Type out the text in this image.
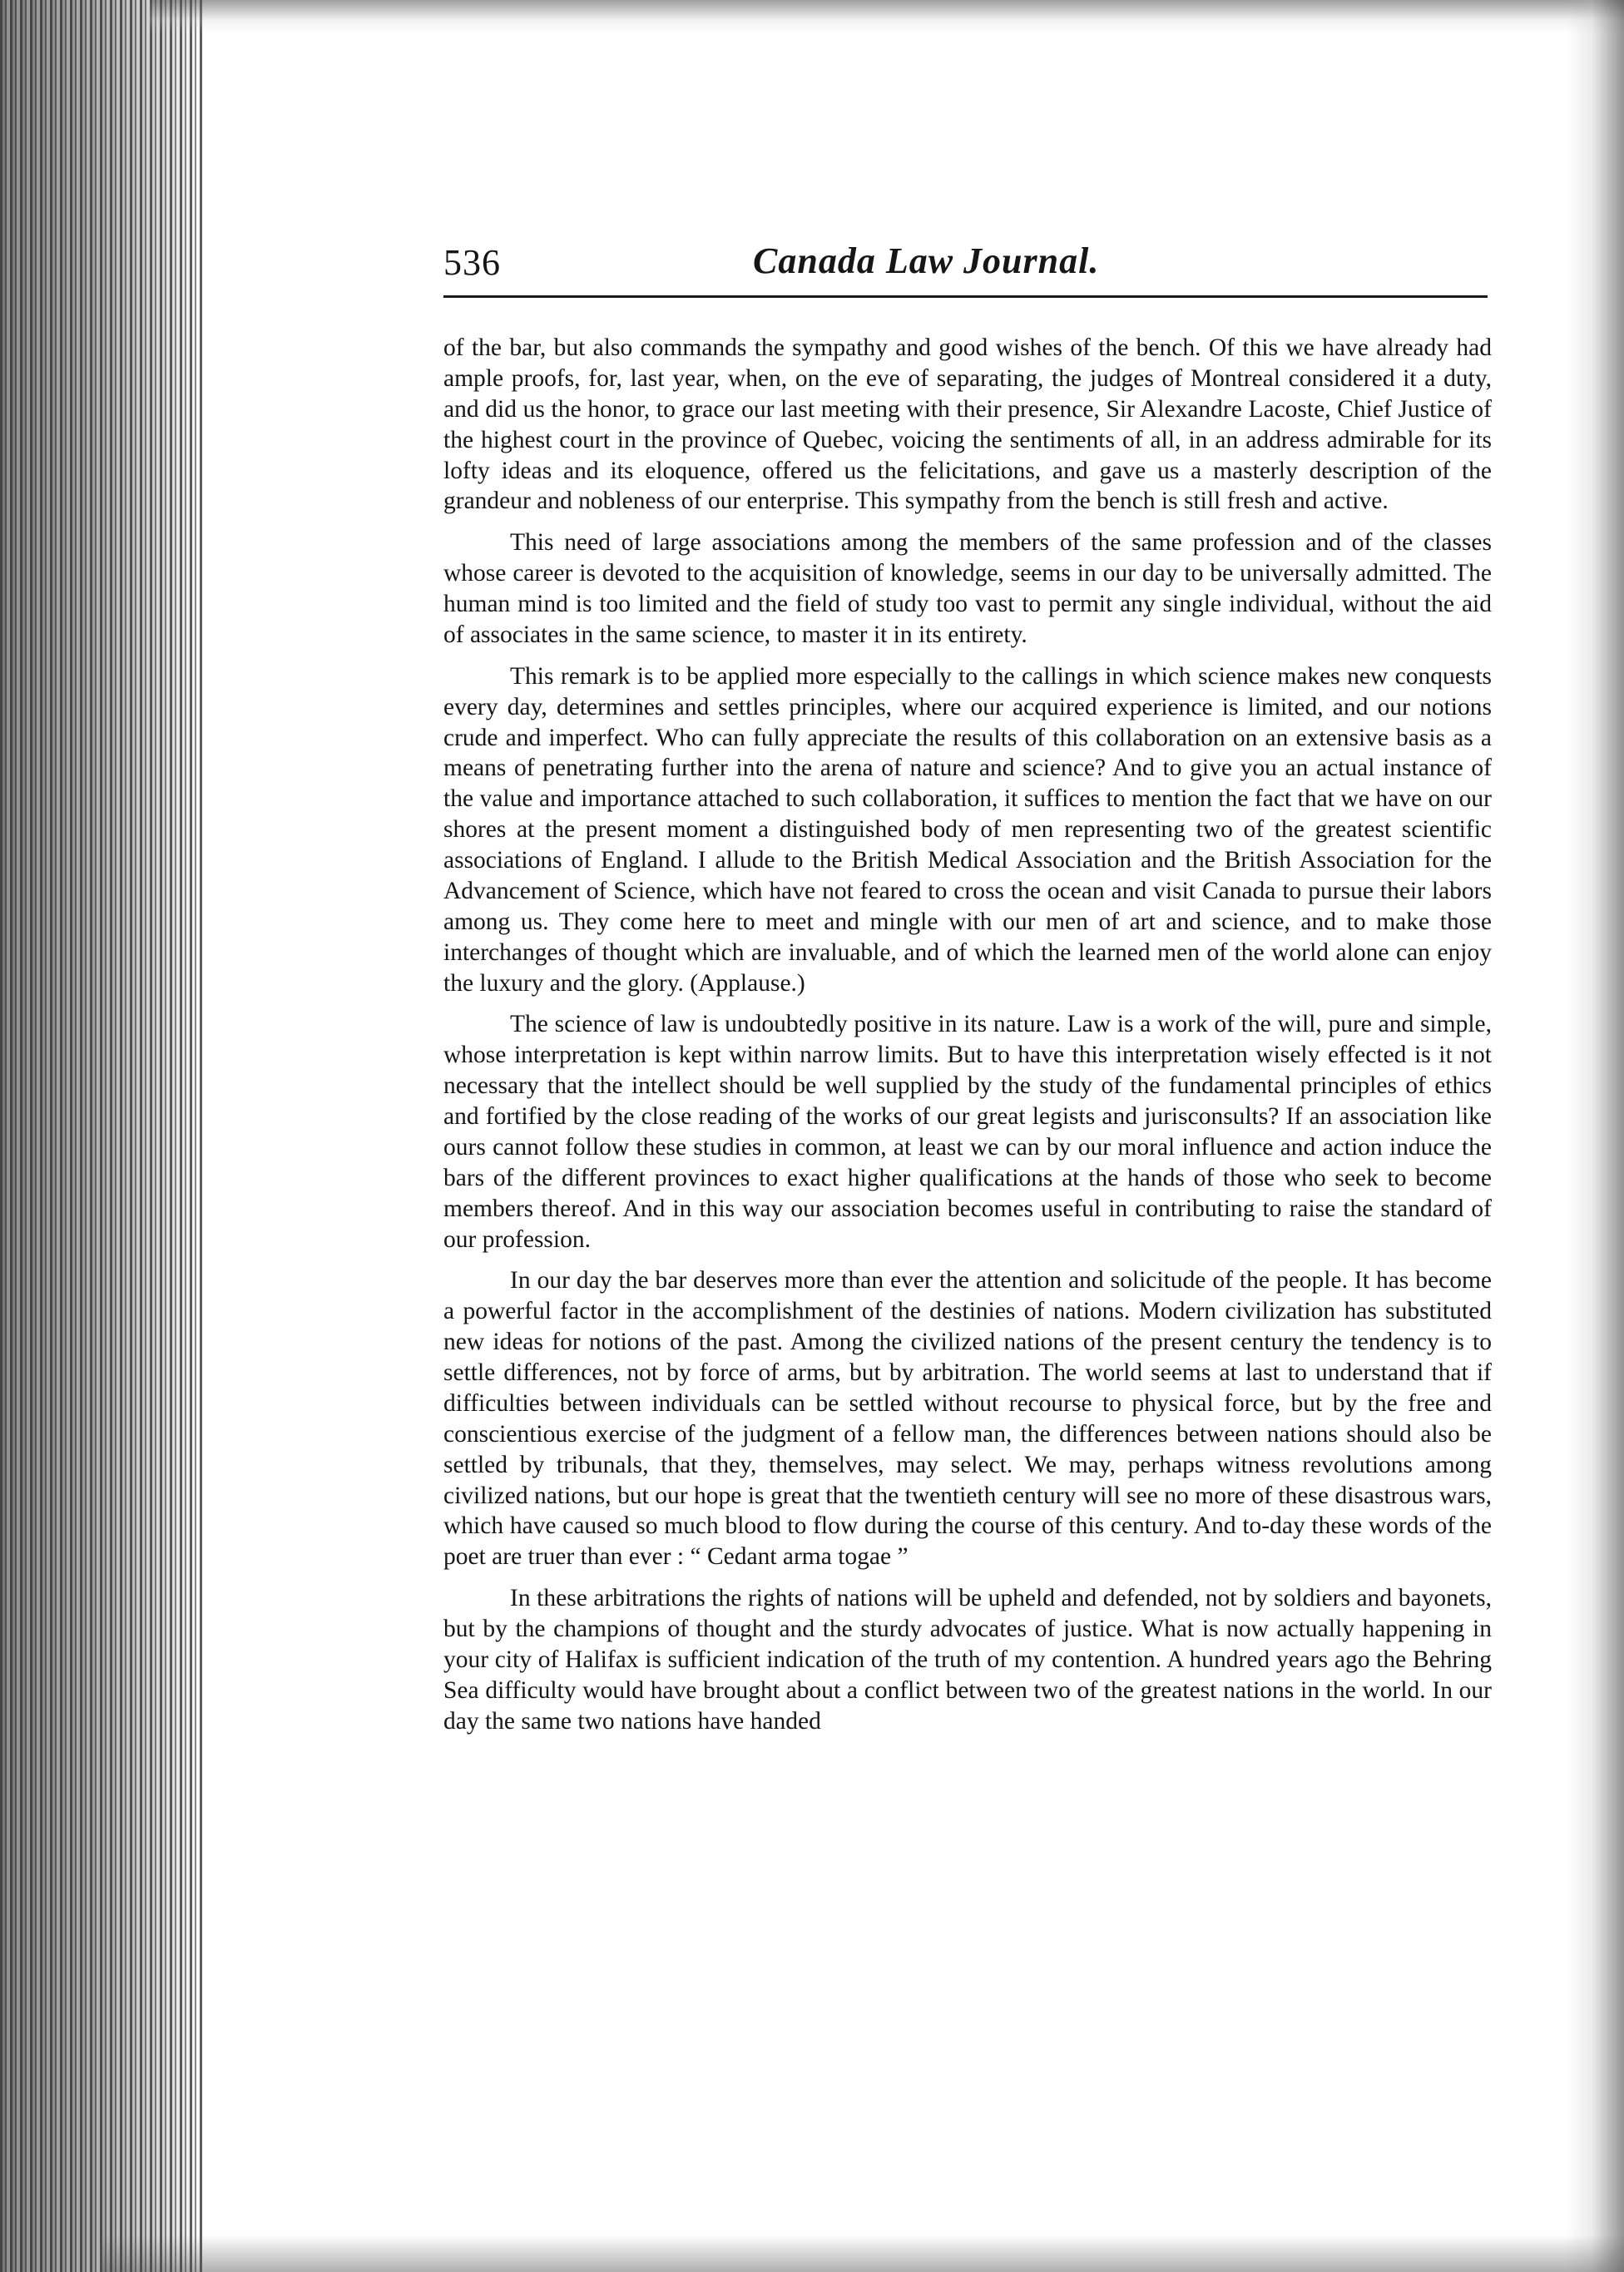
536	Canada Law Journal.

of the bar, but also commands the sympathy and good wishes of the bench. Of this we have already had ample proofs, for, last year, when, on the eve of separating, the judges of Montreal considered it a duty, and did us the honor, to grace our last meeting with their presence, Sir Alexandre Lacoste, Chief Justice of the highest court in the province of Quebec, voicing the sentiments of all, in an address admirable for its lofty ideas and its eloquence, offered us the felicitations, and gave us a masterly description of the grandeur and nobleness of our enterprise. This sympathy from the bench is still fresh and active.

This need of large associations among the members of the same profession and of the classes whose career is devoted to the acquisition of knowledge, seems in our day to be universally admitted. The human mind is too limited and the field of study too vast to permit any single individual, without the aid of associates in the same science, to master it in its entirety.

This remark is to be applied more especially to the callings in which science makes new conquests every day, determines and settles principles, where our acquired experience is limited, and our notions crude and imperfect. Who can fully appreciate the results of this collaboration on an extensive basis as a means of penetrating further into the arena of nature and science? And to give you an actual instance of the value and importance attached to such collaboration, it suffices to mention the fact that we have on our shores at the present moment a distinguished body of men representing two of the greatest scientific associations of England. I allude to the British Medical Association and the British Association for the Advancement of Science, which have not feared to cross the ocean and visit Canada to pursue their labors among us. They come here to meet and mingle with our men of art and science, and to make those interchanges of thought which are invaluable, and of which the learned men of the world alone can enjoy the luxury and the glory. (Applause.)

The science of law is undoubtedly positive in its nature. Law is a work of the will, pure and simple, whose interpretation is kept within narrow limits. But to have this interpretation wisely effected is it not necessary that the intellect should be well supplied by the study of the fundamental principles of ethics and fortified by the close reading of the works of our great legists and jurisconsults? If an association like ours cannot follow these studies in common, at least we can by our moral influence and action induce the bars of the different provinces to exact higher qualifications at the hands of those who seek to become members thereof. And in this way our association becomes useful in contributing to raise the standard of our profession.

In our day the bar deserves more than ever the attention and solicitude of the people. It has become a powerful factor in the accomplishment of the destinies of nations. Modern civilization has substituted new ideas for notions of the past. Among the civilized nations of the present century the tendency is to settle differences, not by force of arms, but by arbitration. The world seems at last to understand that if difficulties between individuals can be settled without recourse to physical force, but by the free and conscientious exercise of the judgment of a fellow man, the differences between nations should also be settled by tribunals, that they, themselves, may select. We may, perhaps witness revolutions among civilized nations, but our hope is great that the twentieth century will see no more of these disastrous wars, which have caused so much blood to flow during the course of this century. And to-day these words of the poet are truer than ever : “ Cedant arma togae ”

In these arbitrations the rights of nations will be upheld and defended, not by soldiers and bayonets, but by the champions of thought and the sturdy advocates of justice. What is now actually happening in your city of Halifax is sufficient indication of the truth of my contention. A hundred years ago the Behring Sea difficulty would have brought about a conflict between two of the greatest nations in the world. In our day the same two nations have handed
